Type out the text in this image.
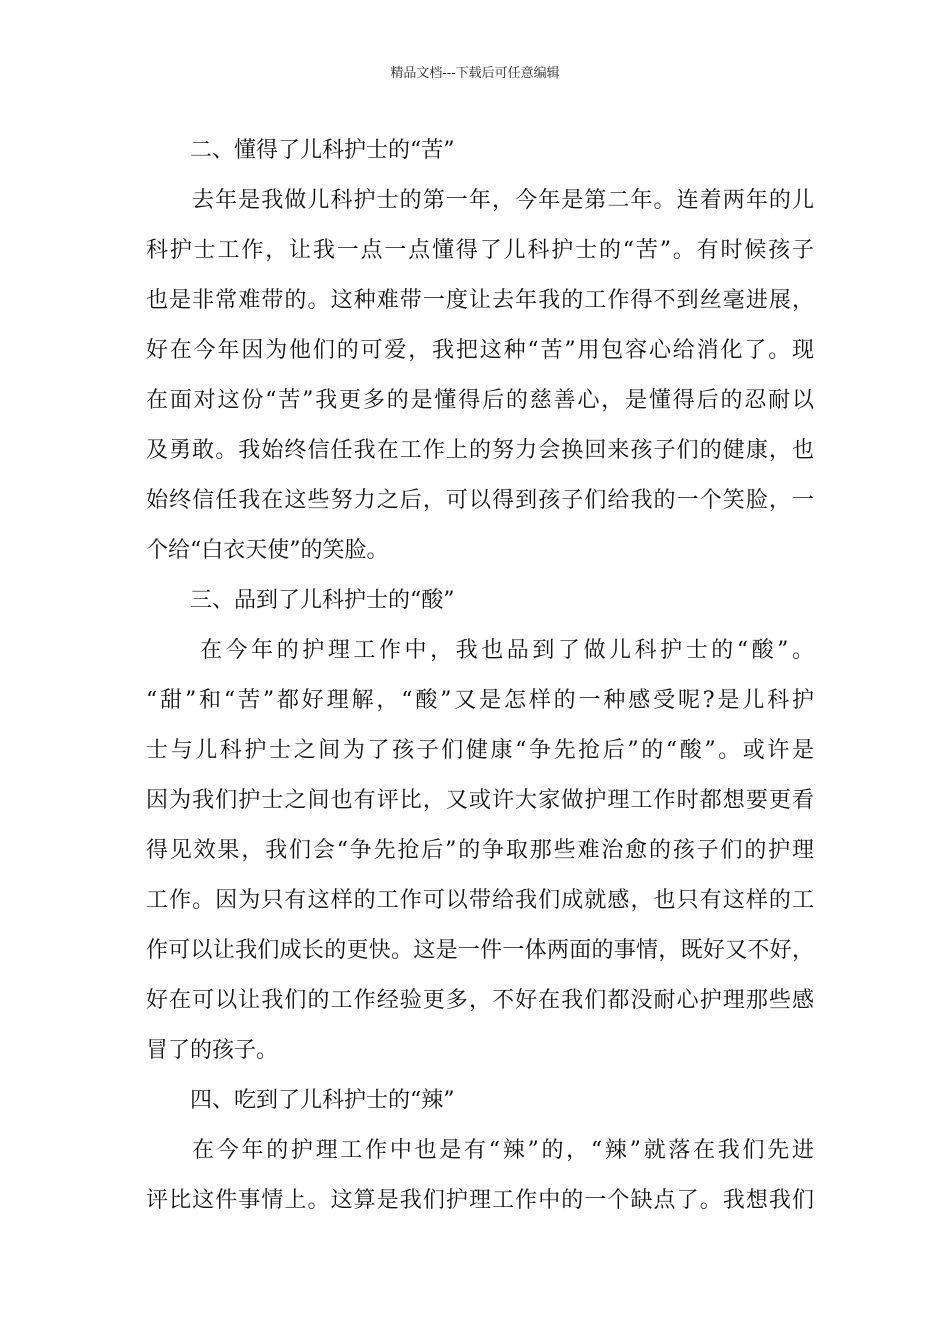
精品文档---下载后可任意编辑
二、懂得了儿科护士的“苦”
去年是我做儿科护士的第一年，今年是第二年。连着两年的儿
科护士工作，让我一点一点懂得了儿科护士的“苦”。有时候孩子
也是非常难带的。这种难带一度让去年我的工作得不到丝毫进展，
好在今年因为他们的可爱，我把这种“苦”用包容心给消化了。现
在面对这份“苦”我更多的是懂得后的慈善心，是懂得后的忍耐以
及勇敢。我始终信任我在工作上的努力会换回来孩子们的健康，也
始终信任我在这些努力之后，可以得到孩子们给我的一个笑脸，一
个给“白衣天使”的笑脸。
三、品到了儿科护士的“酸”
在今年的护理工作中，我也品到了做儿科护士的“酸”。
“甜”和“苦”都好理解，“酸”又是怎样的一种感受呢?是儿科护
士与儿科护士之间为了孩子们健康“争先抢后”的“酸”。或许是
因为我们护士之间也有评比，又或许大家做护理工作时都想要更看
得见效果，我们会“争先抢后”的争取那些难治愈的孩子们的护理
工作。因为只有这样的工作可以带给我们成就感，也只有这样的工
作可以让我们成长的更快。这是一件一体两面的事情，既好又不好，
好在可以让我们的工作经验更多，不好在我们都没耐心护理那些感
冒了的孩子。
四、吃到了儿科护士的“辣”
在今年的护理工作中也是有“辣”的，“辣”就落在我们先进
评比这件事情上。这算是我们护理工作中的一个缺点了。我想我们
